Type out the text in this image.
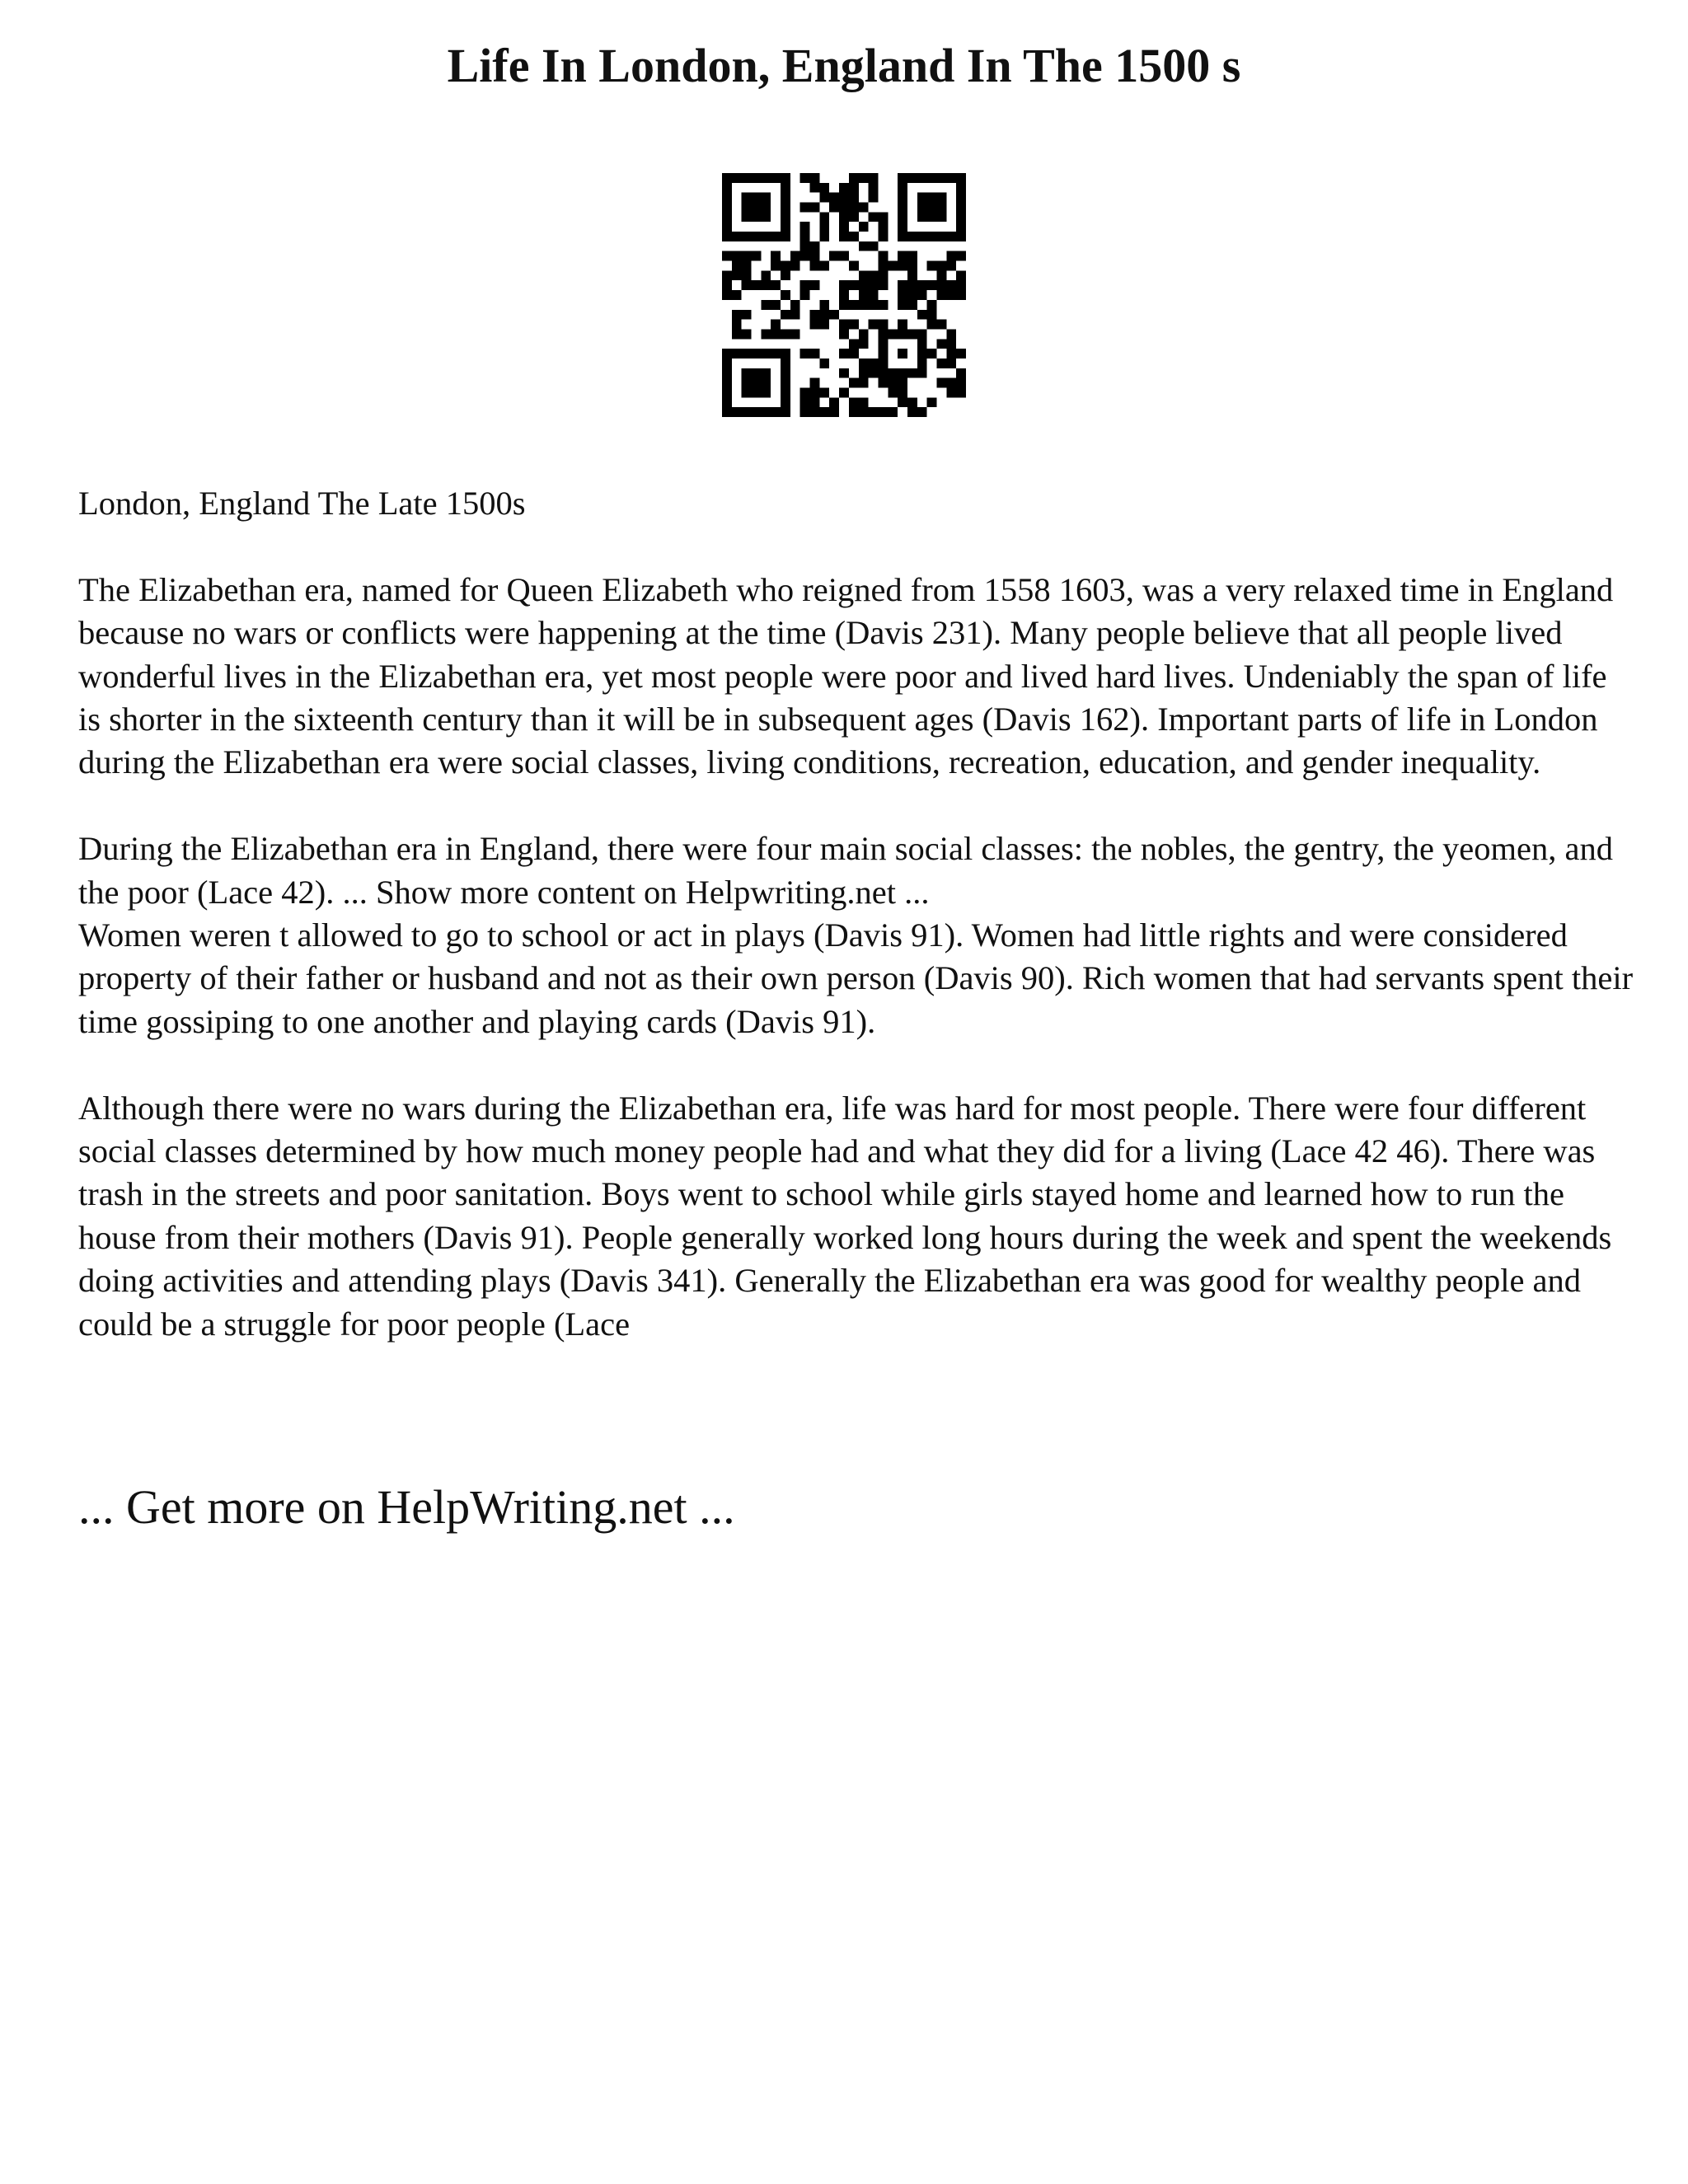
Life In London, England In The 1500 s

London, England The Late 1500s

The Elizabethan era, named for Queen Elizabeth who reigned from 1558 1603, was a very relaxed time in England because no wars or conflicts were happening at the time (Davis 231). Many people believe that all people lived wonderful lives in the Elizabethan era, yet most people were poor and lived hard lives. Undeniably the span of life is shorter in the sixteenth century than it will be in subsequent ages (Davis 162). Important parts of life in London during the Elizabethan era were social classes, living conditions, recreation, education, and gender inequality.

During the Elizabethan era in England, there were four main social classes: the nobles, the gentry, the yeomen, and the poor (Lace 42). ... Show more content on Helpwriting.net ...

Women weren t allowed to go to school or act in plays (Davis 91). Women had little rights and were considered property of their father or husband and not as their own person (Davis 90). Rich women that had servants spent their time gossiping to one another and playing cards (Davis 91).

Although there were no wars during the Elizabethan era, life was hard for most people. There were four different social classes determined by how much money people had and what they did for a living (Lace 42 46). There was trash in the streets and poor sanitation. Boys went to school while girls stayed home and learned how to run the house from their mothers (Davis 91). People generally worked long hours during the week and spent the weekends doing activities and attending plays (Davis 341). Generally the Elizabethan era was good for wealthy people and could be a struggle for poor people (Lace

... Get more on HelpWriting.net ...
